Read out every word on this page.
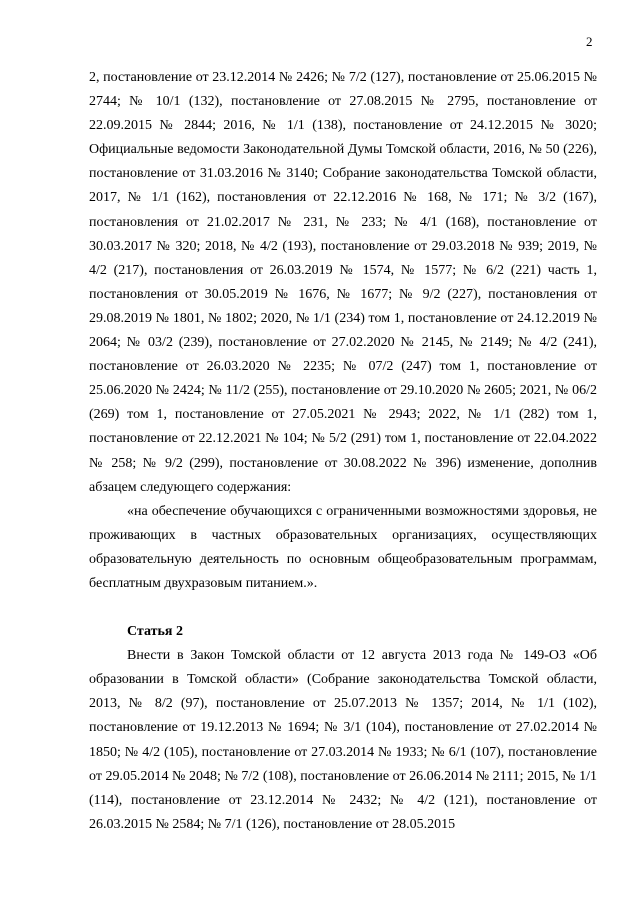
2

2, постановление от 23.12.2014 № 2426; № 7/2 (127), постановление от 25.06.2015 № 2744; № 10/1 (132), постановление от 27.08.2015 № 2795, постановление от 22.09.2015 № 2844; 2016, № 1/1 (138), постановление от 24.12.2015 № 3020; Официальные ведомости Законодательной Думы Томской области, 2016, № 50 (226), постановление от 31.03.2016 № 3140; Собрание законодательства Томской области, 2017, № 1/1 (162), постановления от 22.12.2016 № 168, № 171; № 3/2 (167), постановления от 21.02.2017 № 231, № 233; № 4/1 (168), постановление от 30.03.2017 № 320; 2018, № 4/2 (193), постановление от 29.03.2018 № 939; 2019, № 4/2 (217), постановления от 26.03.2019 № 1574, № 1577; № 6/2 (221) часть 1, постановления от 30.05.2019 № 1676, № 1677; № 9/2 (227), постановления от 29.08.2019 № 1801, № 1802; 2020, № 1/1 (234) том 1, постановление от 24.12.2019 № 2064; № 03/2 (239), постановление от 27.02.2020 № 2145, № 2149; № 4/2 (241), постановление от 26.03.2020 № 2235; № 07/2 (247) том 1, постановление от 25.06.2020 № 2424; № 11/2 (255), постановление от 29.10.2020 № 2605; 2021, № 06/2 (269) том 1, постановление от 27.05.2021 № 2943; 2022, № 1/1 (282) том 1, постановление от 22.12.2021 № 104; № 5/2 (291) том 1, постановление от 22.04.2022 № 258; № 9/2 (299), постановление от 30.08.2022 № 396) изменение, дополнив абзацем следующего содержания:

«на обеспечение обучающихся с ограниченными возможностями здоровья, не проживающих в частных образовательных организациях, осуществляющих образовательную деятельность по основным общеобразовательным программам, бесплатным двухразовым питанием.».

Статья 2

Внести в Закон Томской области от 12 августа 2013 года № 149-ОЗ «Об образовании в Томской области» (Собрание законодательства Томской области, 2013, № 8/2 (97), постановление от 25.07.2013 № 1357; 2014, № 1/1 (102), постановление от 19.12.2013 № 1694; № 3/1 (104), постановление от 27.02.2014 № 1850; № 4/2 (105), постановление от 27.03.2014 № 1933; № 6/1 (107), постановление от 29.05.2014 № 2048; № 7/2 (108), постановление от 26.06.2014 № 2111; 2015, № 1/1 (114), постановление от 23.12.2014 № 2432; № 4/2 (121), постановление от 26.03.2015 № 2584; № 7/1 (126), постановление от 28.05.2015
